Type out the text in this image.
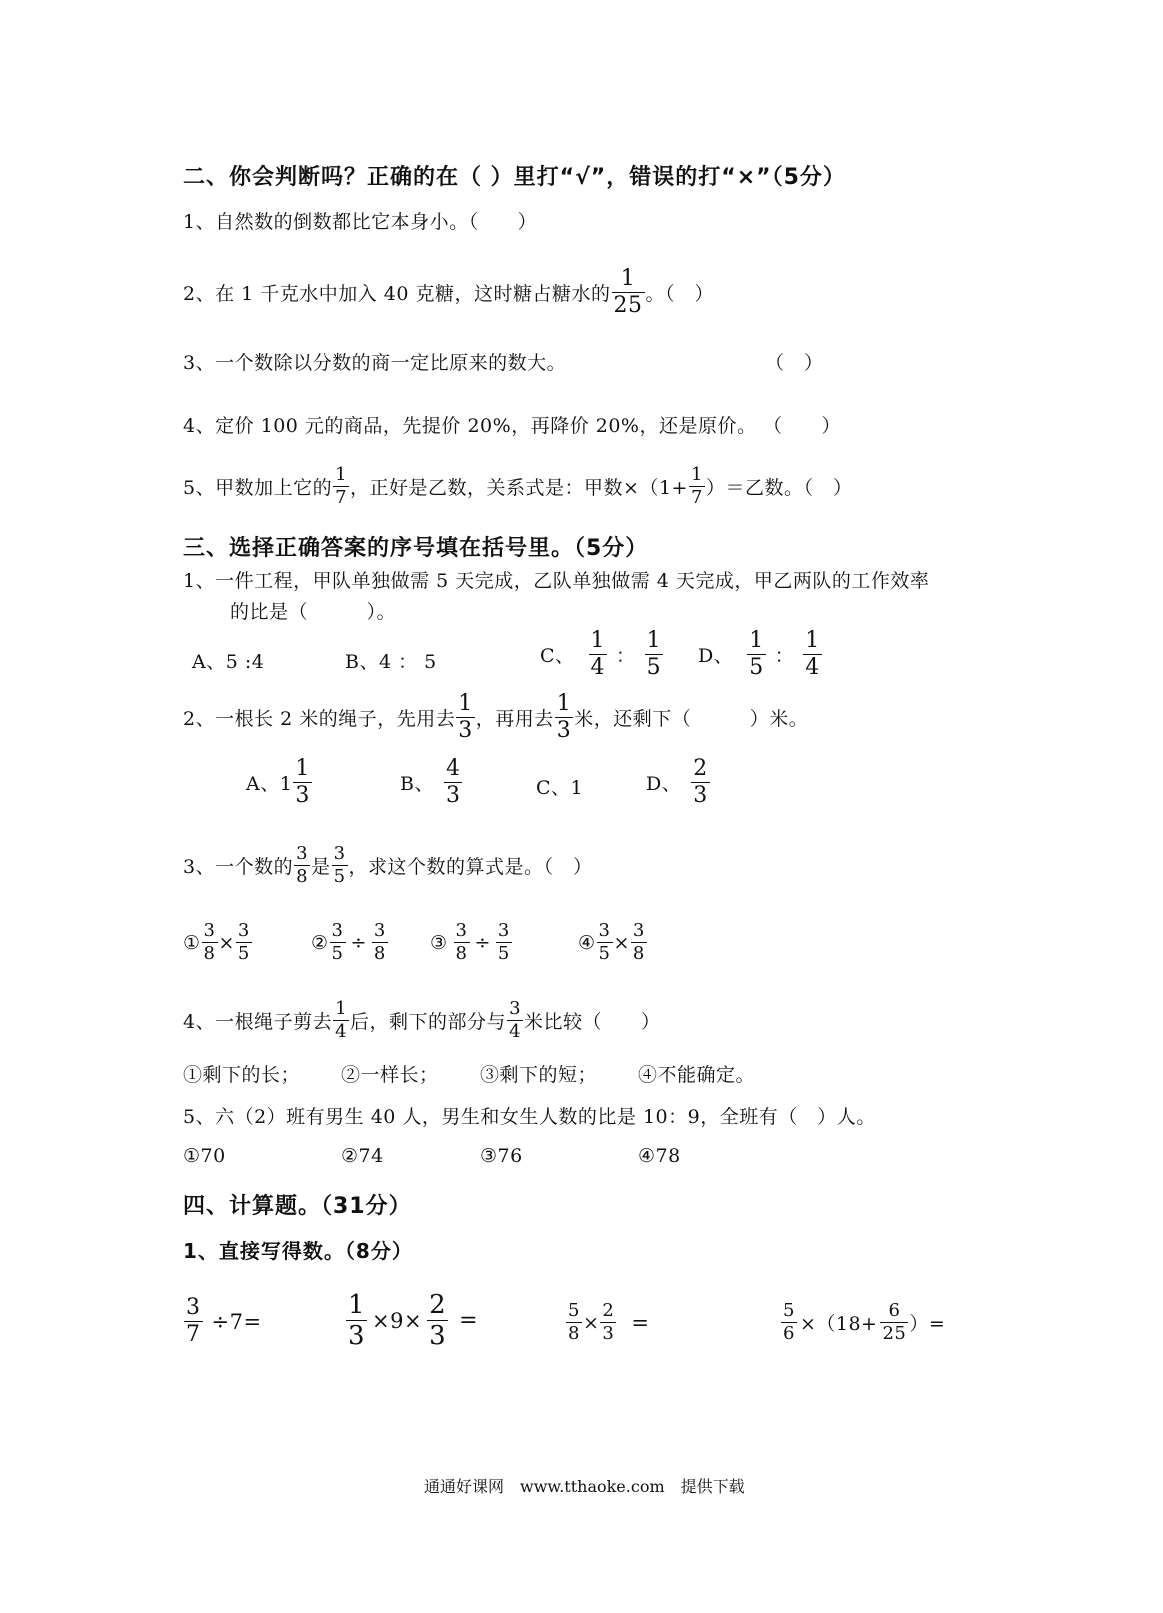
二、你会判断吗？正确的在（ ）里打“√”，错误的打“×”（5分）
1、自然数的倒数都比它本身小。（　　）
2、在 1 千克水中加入 40 克糖，这时糖占糖水的 $\frac{1}{25}$ 。（　）
3、一个数除以分数的商一定比原来的数大。	（　）
4、定价 100 元的商品，先提价 20%，再降价 20%，还是原价。 （　　）
5、甲数加上它的 $\frac{1}{7}$ ，正好是乙数，关系式是：甲数$\times(1+ \frac{1}{7}$ ）＝乙数。（　）
三、选择正确答案的序号填在括号里。（5分）
1、一件工程，甲队单独做需 5 天完成，乙队单独做需 4 天完成，甲乙两队的工作效率
的比是（　　　）。
A、5 :4	B、4 ： 5	C、 $\frac{1}{4}$ ： $\frac{1}{5}$ D、 $\frac{1}{5}$ ： $\frac{1}{4}$
2、一根长 2 米的绳子，先用去 $\frac{1}{3}$ ，再用去 $\frac{1}{3}$ 米，还剩下（　　　）米。
A、$1 \frac{1}{3}$	B、 $\frac{4}{3}$	C、1	D、 $\frac{2}{3}$
3、一个数的 $\frac{3}{8}$ 是 $\frac{3}{5}$ ，求这个数的算式是。（　）
① $\frac{3}{8} \times \frac{3}{5}$	② $\frac{3}{5} \div \frac{3}{8}$ ③ $\frac{3}{8} \div \frac{3}{5}$	④ $\frac{3}{5} \times \frac{3}{8}$
4、一根绳子剪去 $\frac{1}{4}$ 后，剩下的部分与 $\frac{3}{4}$ 米比较（　　）
①剩下的长； ②一样长； ③剩下的短； ④不能确定。
5、六（2）班有男生 40 人，男生和女生人数的比是 10：9，全班有（　）人。
①70	②74	③76	④78
四、计算题。（31分）
1、直接写得数。（8分）
$\frac{3}{7} \div 7=$	$\frac{1}{3} \times 9\times \frac{2}{3}$ =	$\frac{5}{8} \times \frac{2}{3}$ =	$\frac{5}{6} \times(18+ \frac{6}{25}$ ）=
通通好课网　www.tthaoke.com　提供下载
